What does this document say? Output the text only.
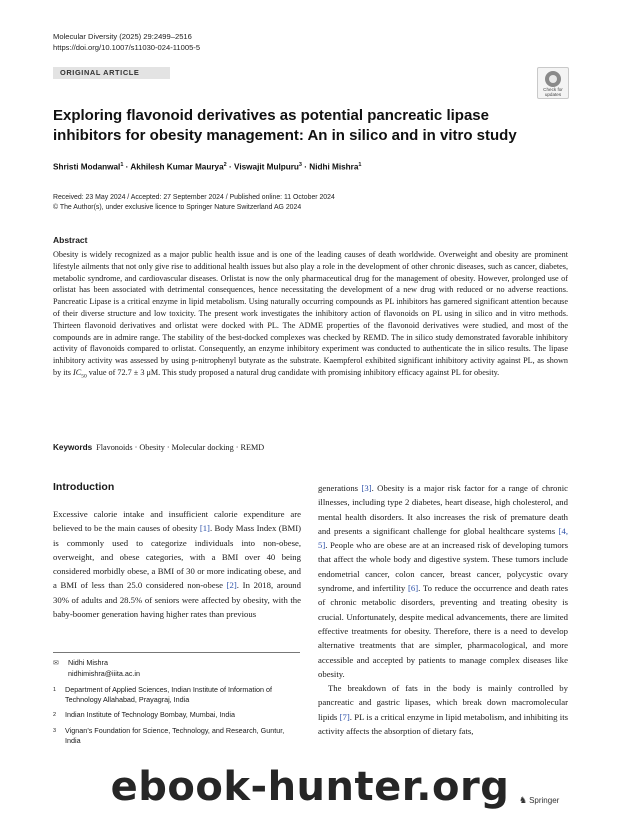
Molecular Diversity (2025) 29:2499–2516
https://doi.org/10.1007/s11030-024-11005-5
ORIGINAL ARTICLE
Check for
updates
Exploring flavonoid derivatives as potential pancreatic lipase inhibitors for obesity management: An in silico and in vitro study
Shristi Modanwal$^1$ · Akhilesh Kumar Maurya$^2$ · Viswajit Mulpuru$^3$ · Nidhi Mishra$^1$
Received: 23 May 2024 / Accepted: 27 September 2024 / Published online: 11 October 2024
© The Author(s), under exclusive licence to Springer Nature Switzerland AG 2024
Abstract
Obesity is widely recognized as a major public health issue and is one of the leading causes of death worldwide. Overweight and obesity are prominent lifestyle ailments that not only give rise to additional health issues but also play a role in the development of other chronic diseases, such as cancer, diabetes, metabolic syndrome, and cardiovascular diseases. Orlistat is now the only pharmaceutical drug for the management of obesity. However, prolonged use of orlistat has been associated with detrimental consequences, hence necessitating the development of a new drug with reduced or no adverse reactions. Pancreatic Lipase is a critical enzyme in lipid metabolism. Using naturally occurring compounds as PL inhibitors has garnered significant attention because of their diverse structure and low toxicity. The present work investigates the inhibitory action of flavonoids on PL using in silico and in vitro methods. Thirteen flavonoid derivatives and orlistat were docked with PL. The ADME properties of the flavonoid derivatives were studied, and most of the compounds are in admire range. The stability of the best-docked complexes was checked by REMD. The in silico study demonstrated favorable inhibitory activity of flavonoids compared to orlistat. Consequently, an enzyme inhibitory experiment was conducted to authenticate the in silico results. The lipase inhibitory activity was assessed by using p-nitrophenyl butyrate as the substrate. Kaempferol exhibited significant inhibitory activity against PL, as shown by its $IC_{50}$ value of 72.7 ± 3 μM. This study proposed a natural drug candidate with promising inhibitory efficacy against PL for obesity.
Keywords Flavonoids · Obesity · Molecular docking · REMD
Introduction
Excessive calorie intake and insufficient calorie expenditure are believed to be the main causes of obesity [1]. Body Mass Index (BMI) is commonly used to categorize individuals into non-obese, overweight, and obese categories, with a BMI over 40 being considered morbidly obese, a BMI of 30 or more indicating obese, and a BMI of less than 25.0 considered non-obese [2]. In 2018, around 30% of adults and 28.5% of seniors were affected by obesity, with the baby-boomer generation having higher rates than previous

generations [3]. Obesity is a major risk factor for a range of chronic illnesses, including type 2 diabetes, heart disease, high cholesterol, and mental health disorders. It also increases the risk of premature death and presents a significant challenge for global healthcare systems [4, 5]. People who are obese are at an increased risk of developing tumors that affect the whole body and digestive system. These tumors include endometrial cancer, colon cancer, breast cancer, polycystic ovary syndrome, and infertility [6]. To reduce the occurrence and death rates of chronic metabolic disorders, preventing and treating obesity is crucial. Unfortunately, despite medical advancements, there are limited effective treatments for obesity. Therefore, there is a need to develop alternative treatments that are simpler, pharmacological, and more accessible and accepted by patients to manage complex diseases like obesity.

The breakdown of fats in the body is mainly controlled by pancreatic and gastric lipases, which break down macromolecular lipids [7]. PL is a critical enzyme in lipid metabolism, and inhibiting its activity affects the absorption of dietary fats,

✉ Nidhi Mishra
nidhimishra@iiita.ac.in
1	Department of Applied Sciences, Indian Institute of Information of Technology Allahabad, Prayagraj, India
2	Indian Institute of Technology Bombay, Mumbai, India
3	Vignan’s Foundation for Science, Technology, and Research, Guntur, India
♞ Springer
ebook-hunter.org
